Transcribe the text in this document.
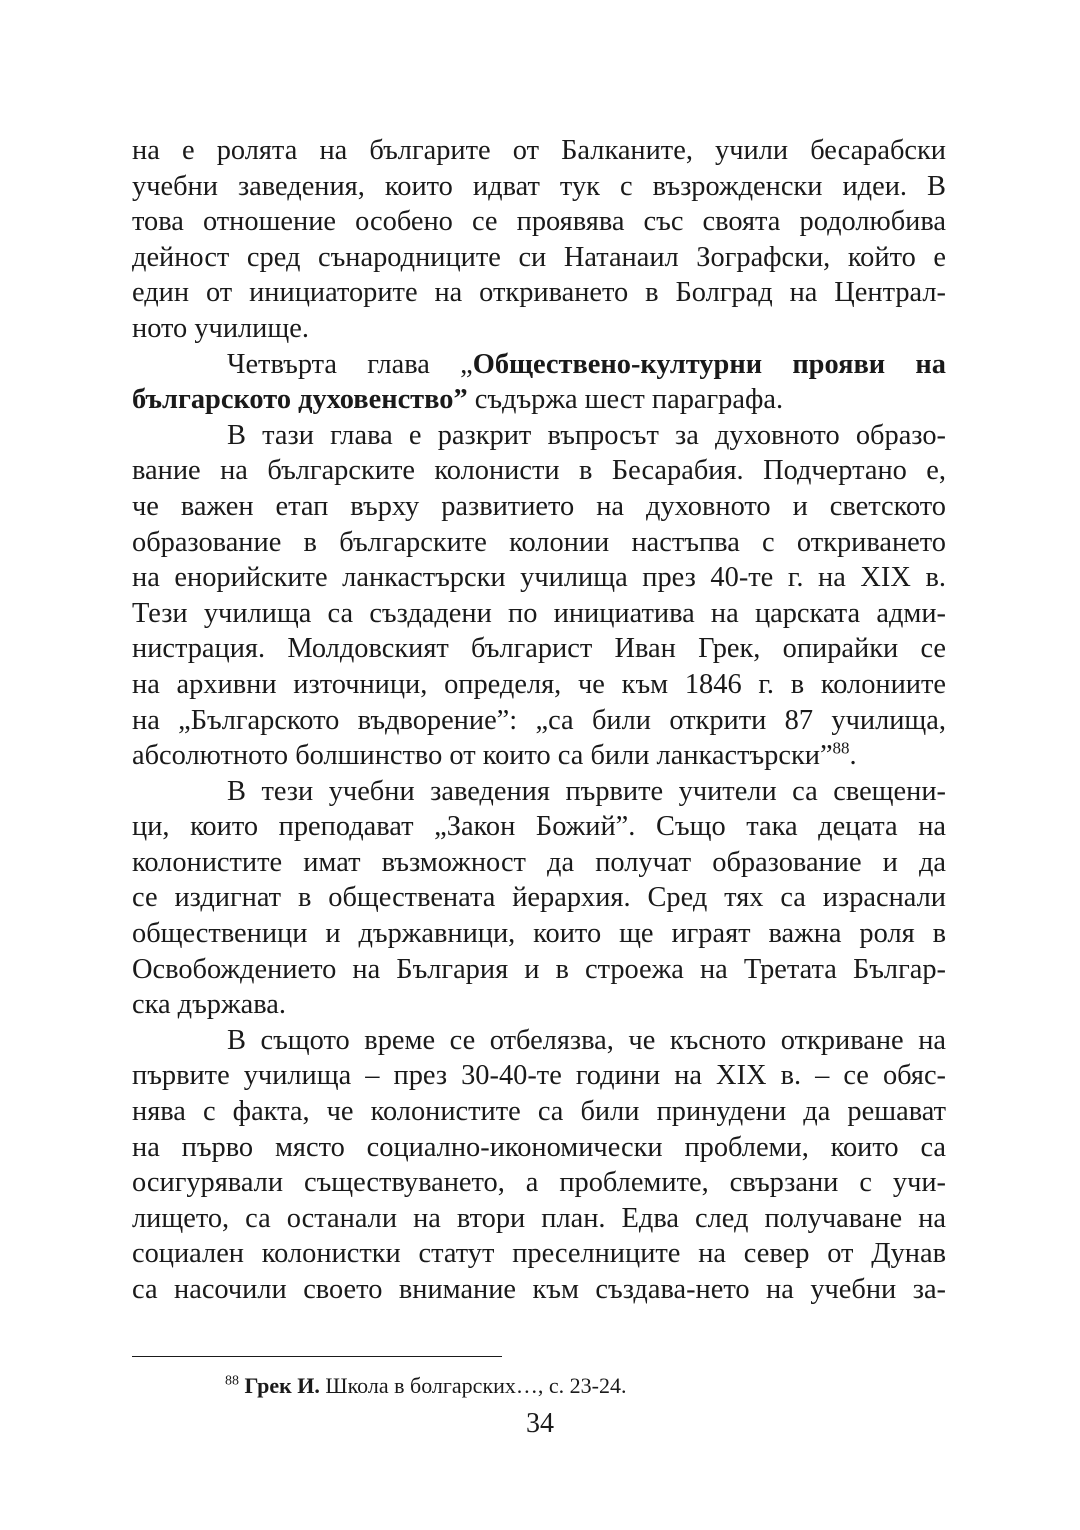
на е ролята на българите от Балканите, учили бесарабски
учебни заведения, които идват тук с възрожденски идеи. В
това отношение особено се проявява със своята родолюбива
дейност сред сънародниците си Натанаил Зографски, който е
един от инициаторите на откриването в Болград на Централ-
ното училище.

Четвърта глава „Обществено-културни прояви на
българското духовенство” съдържа шест параграфа.

В тази глава е разкрит въпросът за духовното образо-
вание на българските колонисти в Бесарабия. Подчертано е,
че важен етап върху развитието на духовното и светското
образование в българските колонии настъпва с откриването
на енорийските ланкастърски училища през 40-те г. на XIX в.
Тези училища са създадени по инициатива на царската адми-
нистрация. Молдовският българист Иван Грек, опирайки се
на архивни източници, определя, че към 1846 г. в колониите
на „Българското въдворение”: „са били открити 87 училища,
абсолютното болшинство от които са били ланкастърски”$^{88}$.

В тези учебни заведения първите учители са свещени-
ци, които преподават „Закон Божий”. Също така децата на
колонистите имат възможност да получат образование и да
се издигнат в обществената йерархия. Сред тях са израснали
общественици и държавници, които ще играят важна роля в
Освобождението на България и в строежа на Третата Българ-
ска държава.

В същото време се отбелязва, че късното откриване на
първите училища – през 30-40-те години на XIX в. – се обяс-
нява с факта, че колонистите са били принудени да решават
на първо място социално-икономически проблеми, които са
осигурявали съществуването, а проблемите, свързани с учи-
лището, са останали на втори план. Едва след получаване на
социален колонистки статут преселниците на север от Дунав
са насочили своето внимание към създава-нето на учебни за-

$^{88}$ Грек И. Школа в болгарских…, с. 23-24.
34
